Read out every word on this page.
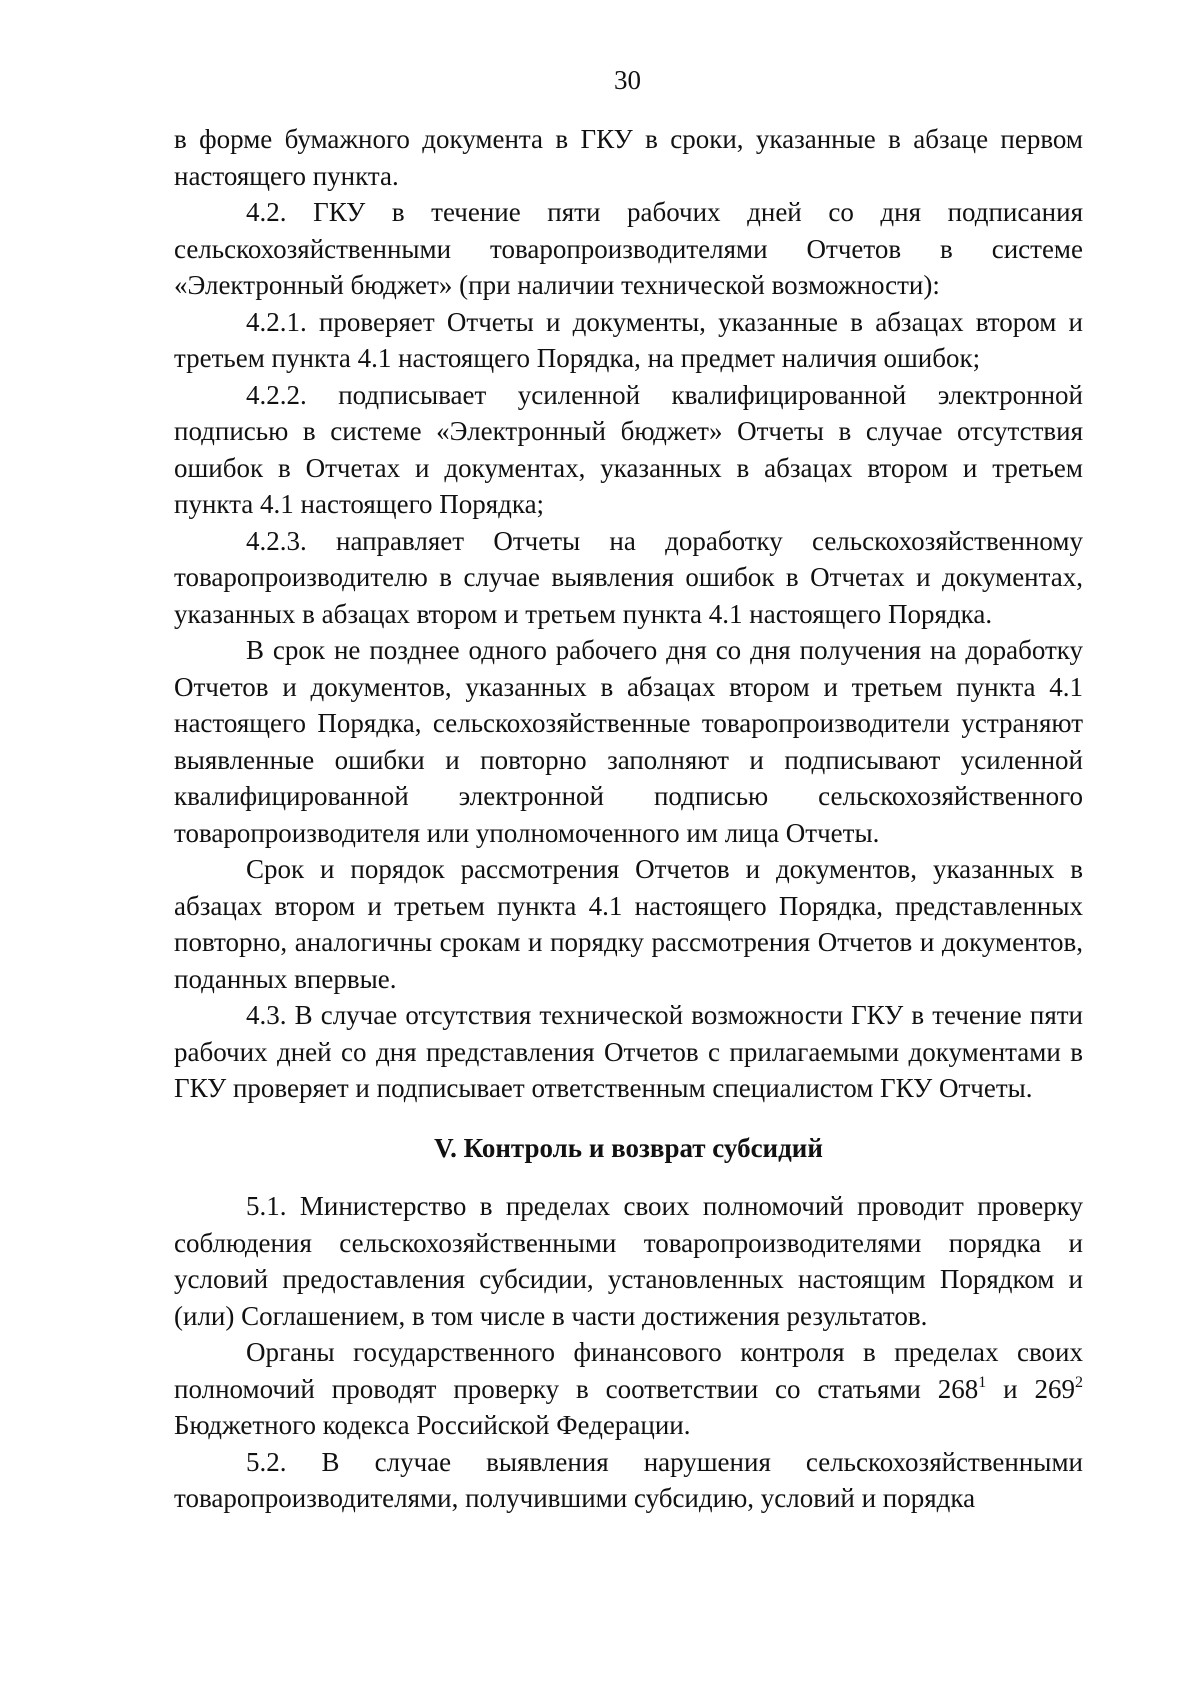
30

в форме бумажного документа в ГКУ в сроки, указанные в абзаце первом настоящего пункта.

4.2. ГКУ в течение пяти рабочих дней со дня подписания сельскохозяйственными товаропроизводителями Отчетов в системе «Электронный бюджет» (при наличии технической возможности):

4.2.1. проверяет Отчеты и документы, указанные в абзацах втором и третьем пункта 4.1 настоящего Порядка, на предмет наличия ошибок;

4.2.2. подписывает усиленной квалифицированной электронной подписью в системе «Электронный бюджет» Отчеты в случае отсутствия ошибок в Отчетах и документах, указанных в абзацах втором и третьем пункта 4.1 настоящего Порядка;

4.2.3. направляет Отчеты на доработку сельскохозяйственному товаропроизводителю в случае выявления ошибок в Отчетах и документах, указанных в абзацах втором и третьем пункта 4.1 настоящего Порядка.

В срок не позднее одного рабочего дня со дня получения на доработку Отчетов и документов, указанных в абзацах втором и третьем пункта 4.1 настоящего Порядка, сельскохозяйственные товаропроизводители устраняют выявленные ошибки и повторно заполняют и подписывают усиленной квалифицированной электронной подписью сельскохозяйственного товаропроизводителя или уполномоченного им лица Отчеты.

Срок и порядок рассмотрения Отчетов и документов, указанных в абзацах втором и третьем пункта 4.1 настоящего Порядка, представленных повторно, аналогичны срокам и порядку рассмотрения Отчетов и документов, поданных впервые.

4.3. В случае отсутствия технической возможности ГКУ в течение пяти рабочих дней со дня представления Отчетов с прилагаемыми документами в ГКУ проверяет и подписывает ответственным специалистом ГКУ Отчеты.

V. Контроль и возврат субсидий

5.1. Министерство в пределах своих полномочий проводит проверку соблюдения сельскохозяйственными товаропроизводителями порядка и условий предоставления субсидии, установленных настоящим Порядком и (или) Соглашением, в том числе в части достижения результатов.

Органы государственного финансового контроля в пределах своих полномочий проводят проверку в соответствии со статьями $268^1$ и $269^2$ Бюджетного кодекса Российской Федерации.

5.2. В случае выявления нарушения сельскохозяйственными товаропроизводителями, получившими субсидию, условий и порядка
